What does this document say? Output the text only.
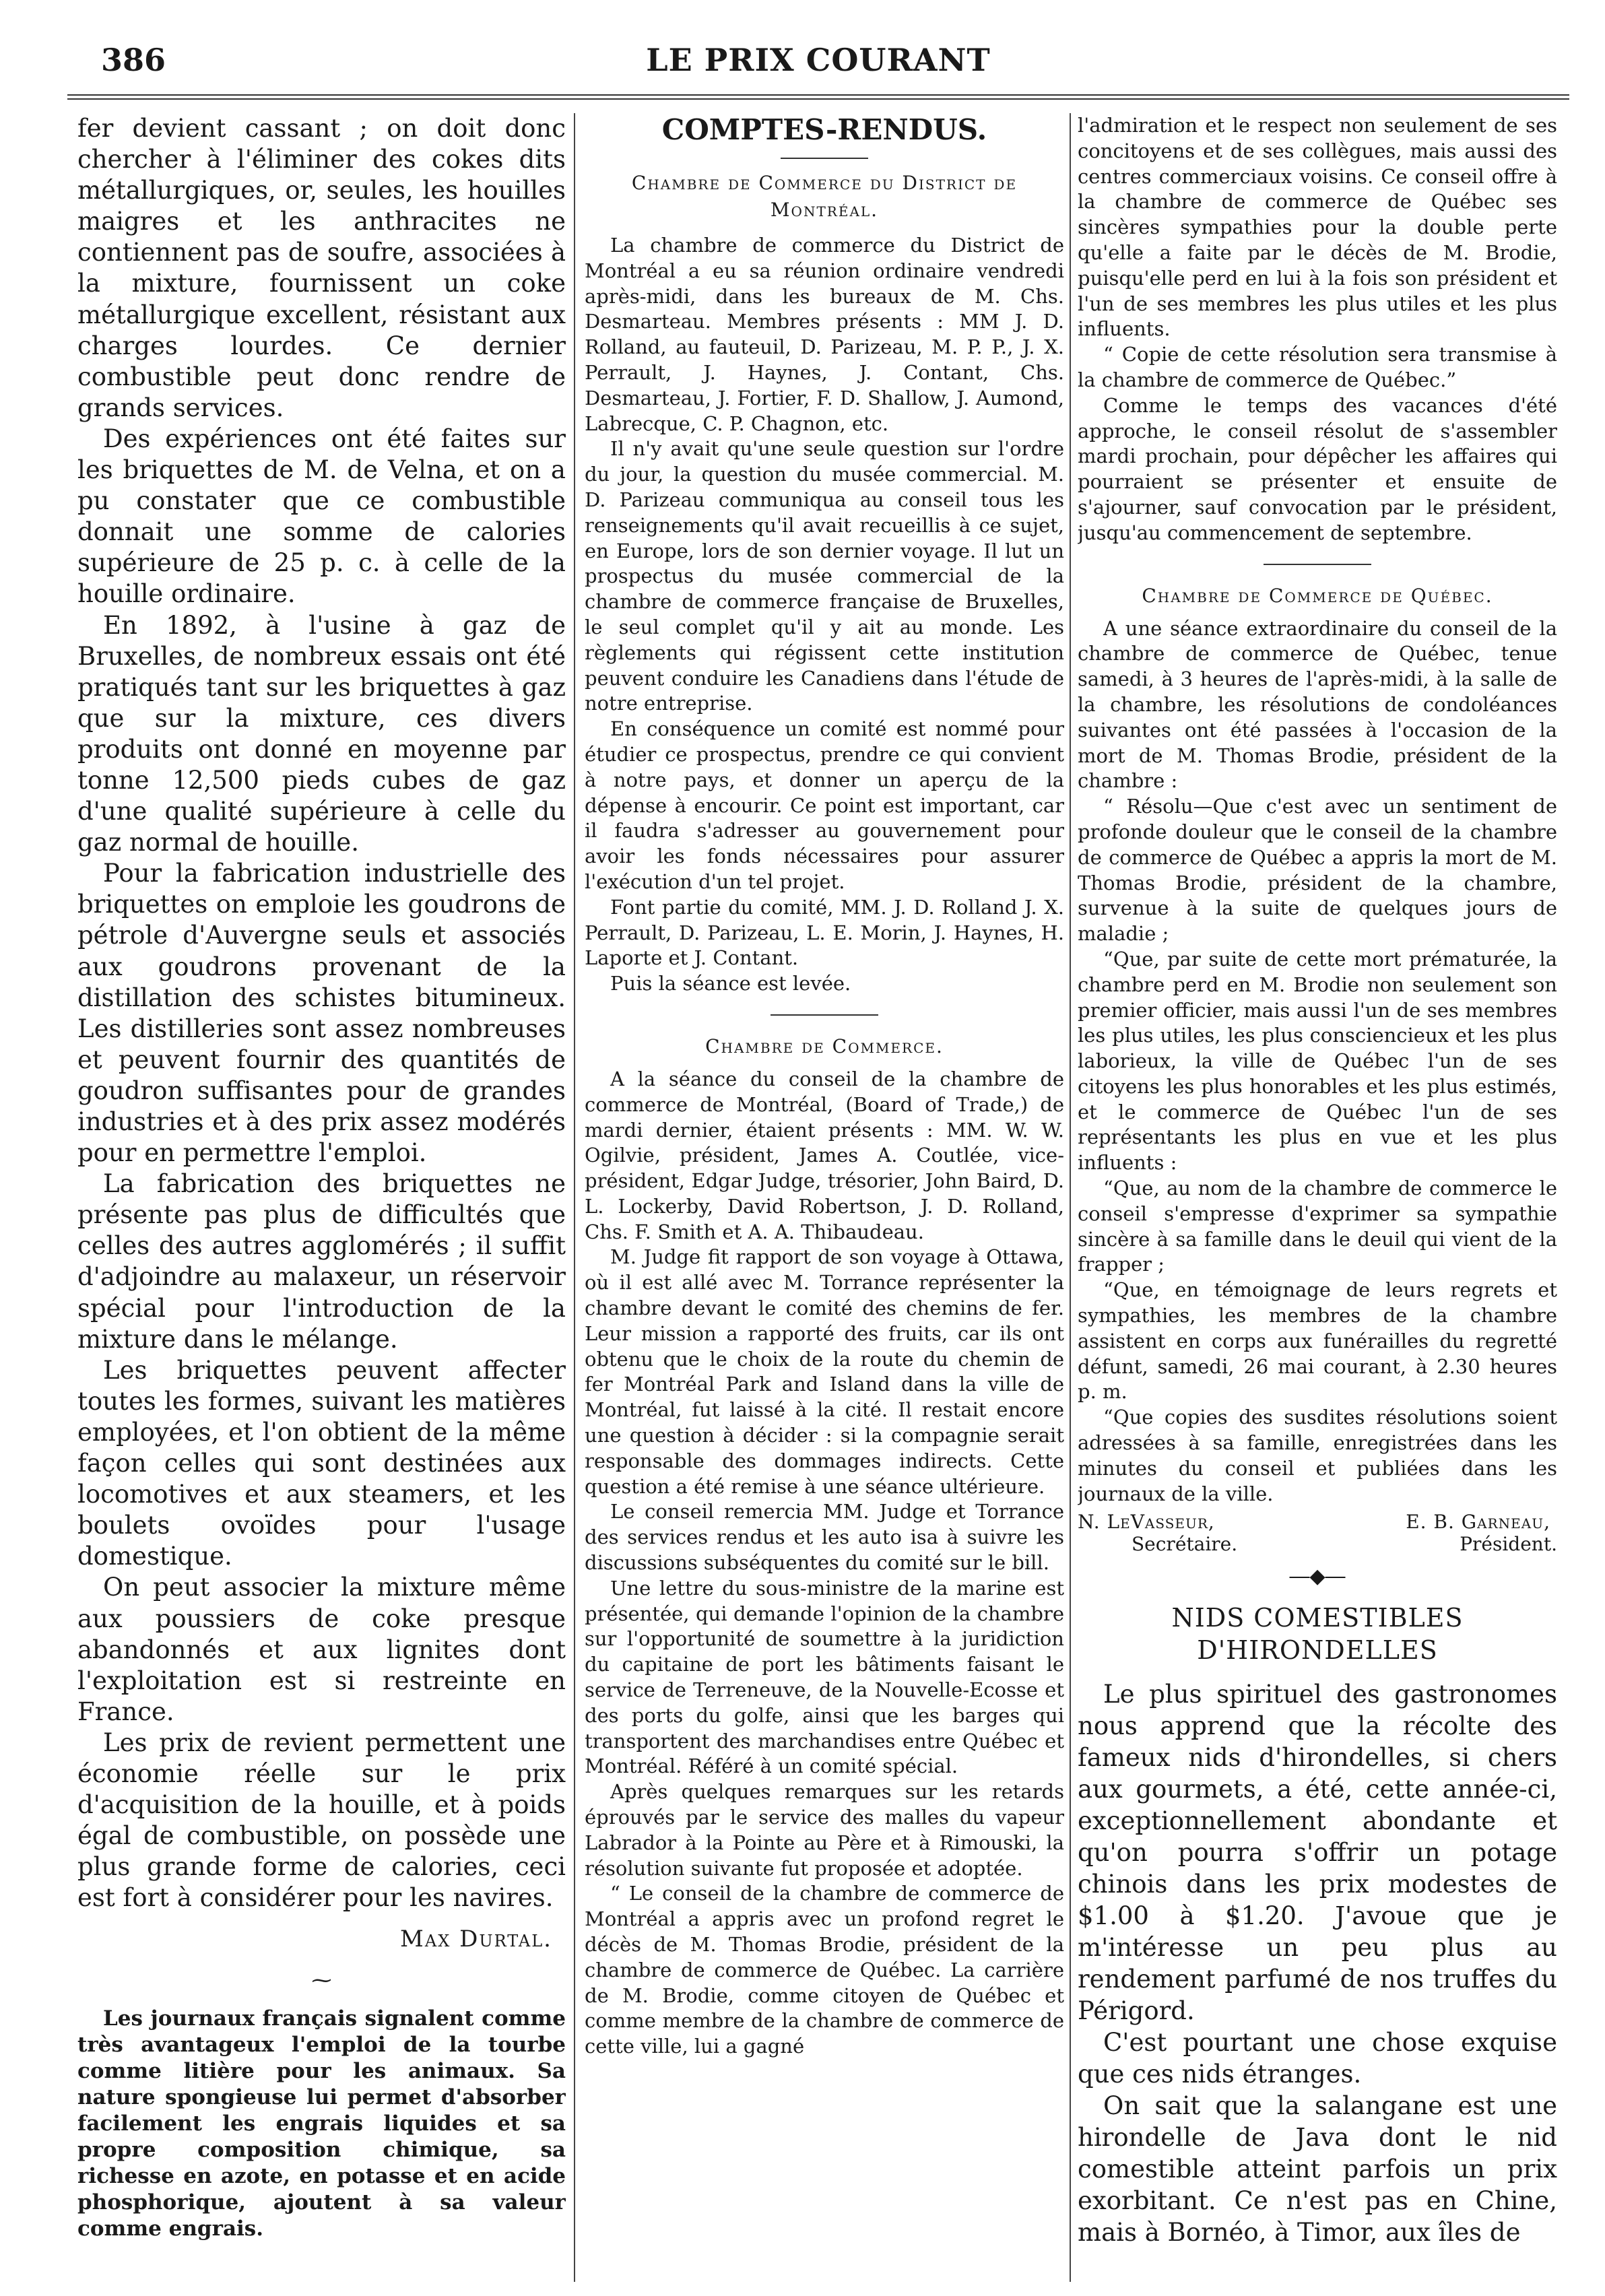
386	LE PRIX COURANT

fer devient cassant ; on doit donc chercher à l'éliminer des cokes dits métallurgiques, or, seules, les houilles maigres et les anthracites ne contiennent pas de soufre, associées à la mixture, fournissent un coke métallurgique excellent, résistant aux charges lourdes. Ce dernier combustible peut donc rendre de grands services.

Des expériences ont été faites sur les briquettes de M. de Velna, et on a pu constater que ce combustible donnait une somme de calories supérieure de 25 p. c. à celle de la houille ordinaire.

En 1892, à l'usine à gaz de Bruxelles, de nombreux essais ont été pratiqués tant sur les briquettes à gaz que sur la mixture, ces divers produits ont donné en moyenne par tonne 12,500 pieds cubes de gaz d'une qualité supérieure à celle du gaz normal de houille.

Pour la fabrication industrielle des briquettes on emploie les goudrons de pétrole d'Auvergne seuls et associés aux goudrons provenant de la distillation des schistes bitumineux. Les distilleries sont assez nombreuses et peuvent fournir des quantités de goudron suffisantes pour de grandes industries et à des prix assez modérés pour en permettre l'emploi.

La fabrication des briquettes ne présente pas plus de difficultés que celles des autres agglomérés ; il suffit d'adjoindre au malaxeur, un réservoir spécial pour l'introduction de la mixture dans le mélange.

Les briquettes peuvent affecter toutes les formes, suivant les matières employées, et l'on obtient de la même façon celles qui sont destinées aux locomotives et aux steamers, et les boulets ovoïdes pour l'usage domestique.

On peut associer la mixture même aux poussiers de coke presque abandonnés et aux lignites dont l'exploitation est si restreinte en France.

Les prix de revient permettent une économie réelle sur le prix d'acquisition de la houille, et à poids égal de combustible, on possède une plus grande forme de calories, ceci est fort à considérer pour les navires.

Max Durtal.
⁓

Les journaux français signalent comme très avantageux l'emploi de la tourbe comme litière pour les animaux. Sa nature spongieuse lui permet d'absorber facilement les engrais liquides et sa propre composition chimique, sa richesse en azote, en potasse et en acide phosphorique, ajoutent à sa valeur comme engrais.

COMPTES-RENDUS.
Chambre de Commerce du District de Montréal.

La chambre de commerce du District de Montréal a eu sa réunion ordinaire vendredi après-midi, dans les bureaux de M. Chs. Desmarteau. Membres présents : MM J. D. Rolland, au fauteuil, D. Parizeau, M. P. P., J. X. Perrault, J. Haynes, J. Contant, Chs. Desmarteau, J. Fortier, F. D. Shallow, J. Aumond, Labrecque, C. P. Chagnon, etc.

Il n'y avait qu'une seule question sur l'ordre du jour, la question du musée commercial. M. D. Parizeau communiqua au conseil tous les renseignements qu'il avait recueillis à ce sujet, en Europe, lors de son dernier voyage. Il lut un prospectus du musée commercial de la chambre de commerce française de Bruxelles, le seul complet qu'il y ait au monde. Les règlements qui régissent cette institution peuvent conduire les Canadiens dans l'étude de notre entreprise.

En conséquence un comité est nommé pour étudier ce prospectus, prendre ce qui convient à notre pays, et donner un aperçu de la dépense à encourir. Ce point est important, car il faudra s'adresser au gouvernement pour avoir les fonds nécessaires pour assurer l'exécution d'un tel projet.

Font partie du comité, MM. J. D. Rolland J. X. Perrault, D. Parizeau, L. E. Morin, J. Haynes, H. Laporte et J. Contant.

Puis la séance est levée.

Chambre de Commerce.

A la séance du conseil de la chambre de commerce de Montréal, (Board of Trade,) de mardi dernier, étaient présents : MM. W. W. Ogilvie, président, James A. Coutlée, vice-président, Edgar Judge, trésorier, John Baird, D. L. Lockerby, David Robertson, J. D. Rolland, Chs. F. Smith et A. A. Thibaudeau.

M. Judge fit rapport de son voyage à Ottawa, où il est allé avec M. Torrance représenter la chambre devant le comité des chemins de fer. Leur mission a rapporté des fruits, car ils ont obtenu que le choix de la route du chemin de fer Montréal Park and Island dans la ville de Montréal, fut laissé à la cité. Il restait encore une question à décider : si la compagnie serait responsable des dommages indirects. Cette question a été remise à une séance ultérieure.

Le conseil remercia MM. Judge et Torrance des services rendus et les auto isa à suivre les discussions subséquentes du comité sur le bill.

Une lettre du sous-ministre de la marine est présentée, qui demande l'opinion de la chambre sur l'opportunité de soumettre à la juridiction du capitaine de port les bâtiments faisant le service de Terreneuve, de la Nouvelle-Ecosse et des ports du golfe, ainsi que les barges qui transportent des marchandises entre Québec et Montréal. Référé à un comité spécial.

Après quelques remarques sur les retards éprouvés par le service des malles du vapeur Labrador à la Pointe au Père et à Rimouski, la résolution suivante fut proposée et adoptée.

“ Le conseil de la chambre de commerce de Montréal a appris avec un profond regret le décès de M. Thomas Brodie, président de la chambre de commerce de Québec. La carrière de M. Brodie, comme citoyen de Québec et comme membre de la chambre de commerce de cette ville, lui a gagné

l'admiration et le respect non seulement de ses concitoyens et de ses collègues, mais aussi des centres commerciaux voisins. Ce conseil offre à la chambre de commerce de Québec ses sincères sympathies pour la double perte qu'elle a faite par le décès de M. Brodie, puisqu'elle perd en lui à la fois son président et l'un de ses membres les plus utiles et les plus influents.

“ Copie de cette résolution sera transmise à la chambre de commerce de Québec.”

Comme le temps des vacances d'été approche, le conseil résolut de s'assembler mardi prochain, pour dépêcher les affaires qui pourraient se présenter et ensuite de s'ajourner, sauf convocation par le président, jusqu'au commencement de septembre.

Chambre de Commerce de Québec.

A une séance extraordinaire du conseil de la chambre de commerce de Québec, tenue samedi, à 3 heures de l'après-midi, à la salle de la chambre, les résolutions de condoléances suivantes ont été passées à l'occasion de la mort de M. Thomas Brodie, président de la chambre :

“ Résolu—Que c'est avec un sentiment de profonde douleur que le conseil de la chambre de commerce de Québec a appris la mort de M. Thomas Brodie, président de la chambre, survenue à la suite de quelques jours de maladie ;

“Que, par suite de cette mort prématurée, la chambre perd en M. Brodie non seulement son premier officier, mais aussi l'un de ses membres les plus utiles, les plus consciencieux et les plus laborieux, la ville de Québec l'un de ses citoyens les plus honorables et les plus estimés, et le commerce de Québec l'un de ses représentants les plus en vue et les plus influents :

“Que, au nom de la chambre de commerce le conseil s'empresse d'exprimer sa sympathie sincère à sa famille dans le deuil qui vient de la frapper ;

“Que, en témoignage de leurs regrets et sympathies, les membres de la chambre assistent en corps aux funérailles du regretté défunt, samedi, 26 mai courant, à 2.30 heures p. m.

“Que copies des susdites résolutions soient adressées à sa famille, enregistrées dans les minutes du conseil et publiées dans les journaux de la ville.

N. LeVasseur,
Secrétaire.
E. B. Garneau,
Président.
―◆―
NIDS COMESTIBLES D'HIRONDELLES

Le plus spirituel des gastronomes nous apprend que la récolte des fameux nids d'hirondelles, si chers aux gourmets, a été, cette année-ci, exceptionnellement abondante et qu'on pourra s'offrir un potage chinois dans les prix modestes de $1.00 à $1.20. J'avoue que je m'intéresse un peu plus au rendement parfumé de nos truffes du Périgord.

C'est pourtant une chose exquise que ces nids étranges.

On sait que la salangane est une hirondelle de Java dont le nid comestible atteint parfois un prix exorbitant. Ce n'est pas en Chine, mais à Bornéo, à Timor, aux îles de
